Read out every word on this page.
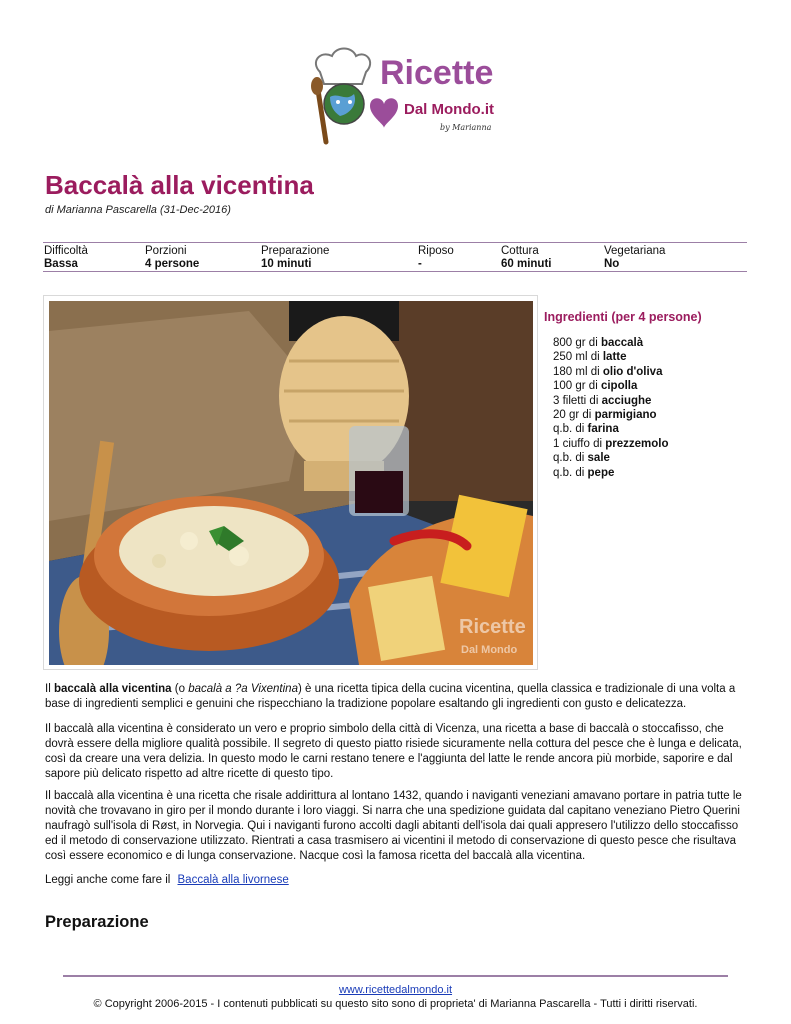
Ricette
Dal Mondo.it
by Marianna
Baccalà alla vicentina
di Marianna Pascarella (31-Dec-2016)
Difficoltà
Bassa
Porzioni
4 persone
Preparazione
10 minuti
Riposo
-
Cottura
60 minuti
Vegetariana
No
Ricette
Dal Mondo
Ingredienti (per 4 persone)
800 gr di baccalà
250 ml di latte
180 ml di olio d'oliva
100 gr di cipolla
3 filetti di acciughe
20 gr di parmigiano
q.b. di farina
1 ciuffo di prezzemolo
q.b. di sale
q.b. di pepe

Il baccalà alla vicentina (o bacalà a ?a Vixentina) è una ricetta tipica della cucina vicentina, quella classica e tradizionale di una volta a base di ingredienti semplici e genuini che rispecchiano la tradizione popolare esaltando gli ingredienti con gusto e delicatezza.

Il baccalà alla vicentina è considerato un vero e proprio simbolo della città di Vicenza, una ricetta a base di baccalà o stoccafisso, che dovrà essere della migliore qualità possibile. Il segreto di questo piatto risiede sicuramente nella cottura del pesce che è lunga e delicata, così da creare una vera delizia. In questo modo le carni restano tenere e l'aggiunta del latte le rende ancora più morbide, saporire e dal sapore più delicato rispetto ad altre ricette di questo tipo.

Il baccalà alla vicentina è una ricetta che risale addirittura al lontano 1432, quando i naviganti veneziani amavano portare in patria tutte le novità che trovavano in giro per il mondo durante i loro viaggi. Si narra che una spedizione guidata dal capitano veneziano Pietro Querini naufragò sull'isola di Røst, in Norvegia. Qui i naviganti furono accolti dagli abitanti dell'isola dai quali appresero l'utilizzo dello stoccafisso ed il metodo di conservazione utilizzato. Rientrati a casa trasmisero ai vicentini il metodo di conservazione di questo pesce che risultava così essere economico e di lunga conservazione. Nacque così la famosa ricetta del baccalà alla vicentina.

Leggi anche come fare il Baccalà alla livornese

Preparazione
www.ricettedalmondo.it
© Copyright 2006-2015 - I contenuti pubblicati su questo sito sono di proprieta' di Marianna Pascarella - Tutti i diritti riservati.
